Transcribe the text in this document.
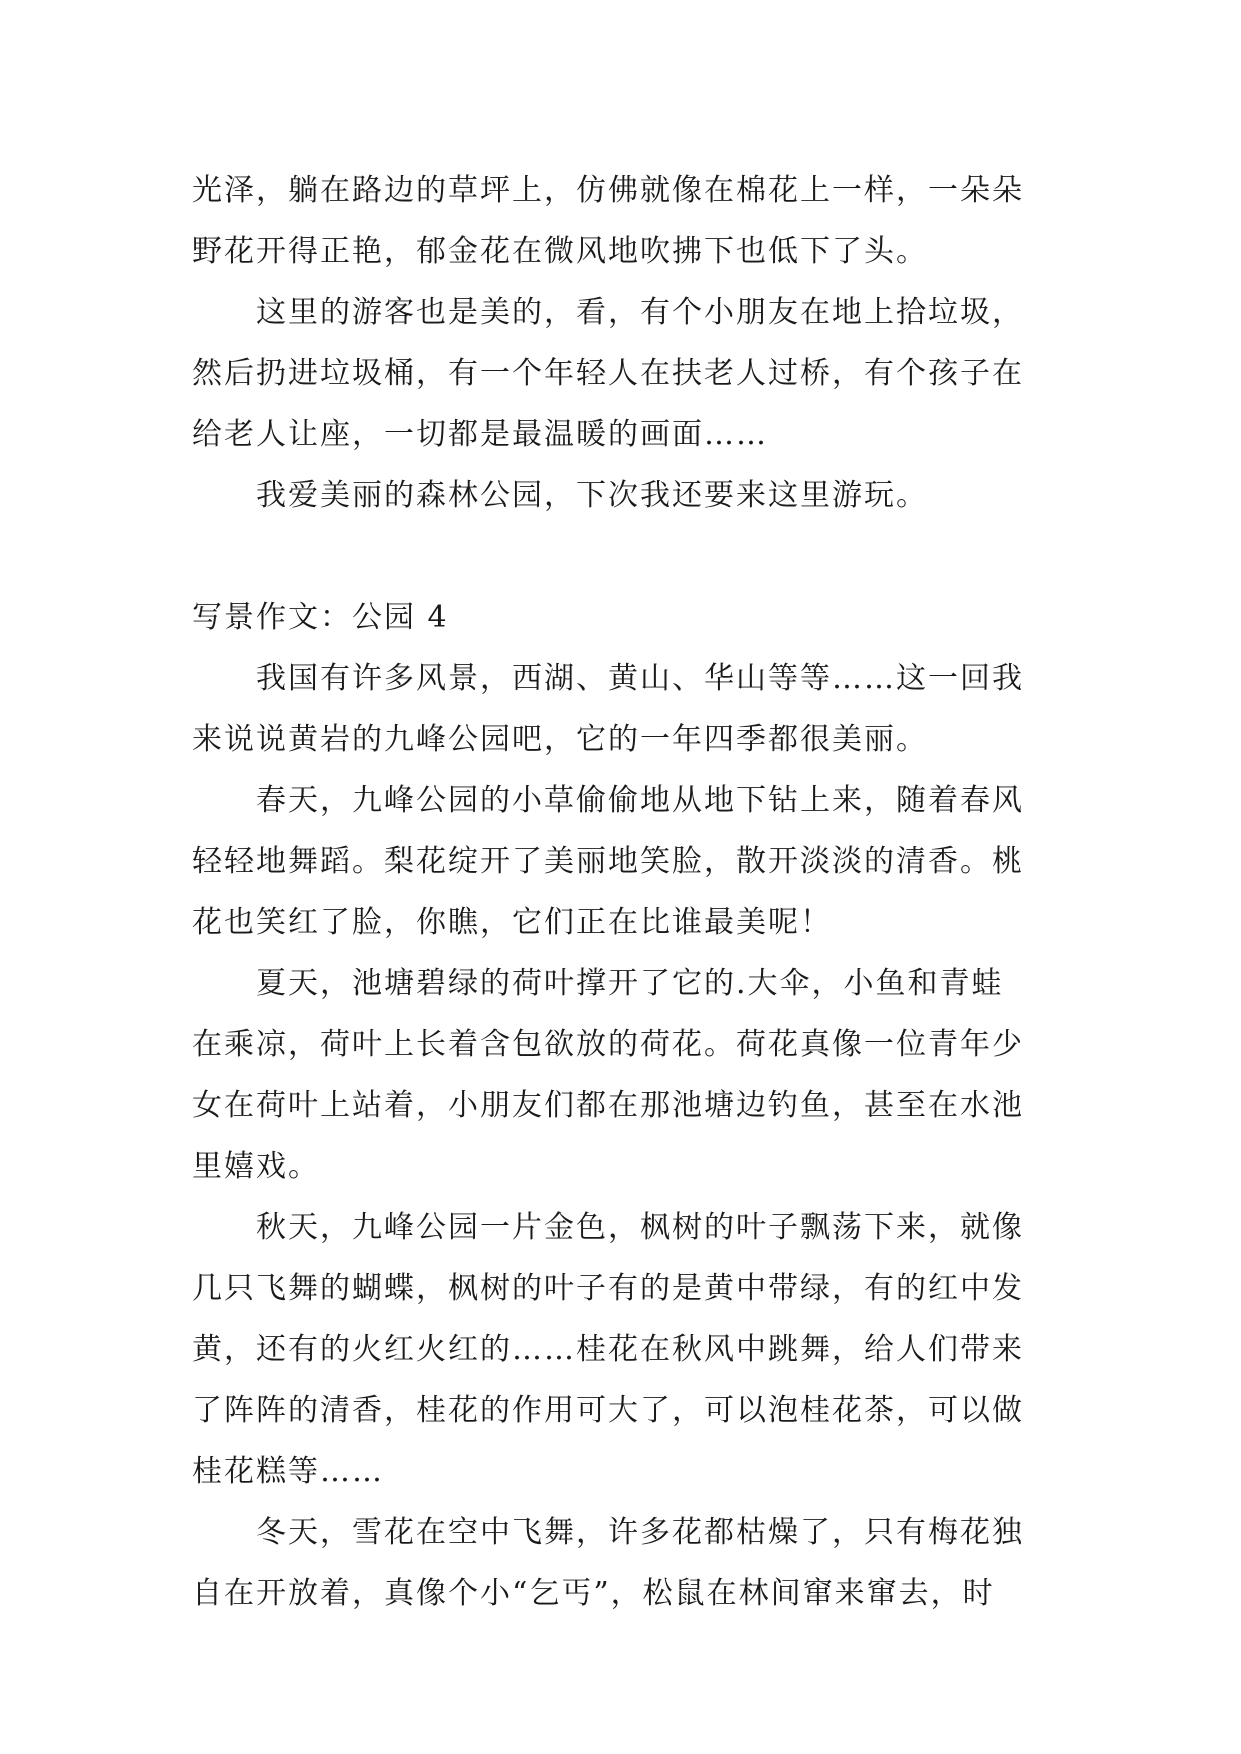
光泽，躺在路边的草坪上，仿佛就像在棉花上一样，一朵朵
野花开得正艳，郁金花在微风地吹拂下也低下了头。
这里的游客也是美的，看，有个小朋友在地上拾垃圾，
然后扔进垃圾桶，有一个年轻人在扶老人过桥，有个孩子在
给老人让座，一切都是最温暖的画面……
我爱美丽的森林公园，下次我还要来这里游玩。
写景作文：公园 4
我国有许多风景，西湖、黄山、华山等等……这一回我
来说说黄岩的九峰公园吧，它的一年四季都很美丽。
春天，九峰公园的小草偷偷地从地下钻上来，随着春风
轻轻地舞蹈。梨花绽开了美丽地笑脸，散开淡淡的清香。桃
花也笑红了脸，你瞧，它们正在比谁最美呢！
夏天，池塘碧绿的荷叶撑开了它的.大伞，小鱼和青蛙
在乘凉，荷叶上长着含包欲放的荷花。荷花真像一位青年少
女在荷叶上站着，小朋友们都在那池塘边钓鱼，甚至在水池
里嬉戏。
秋天，九峰公园一片金色，枫树的叶子飘荡下来，就像
几只飞舞的蝴蝶，枫树的叶子有的是黄中带绿，有的红中发
黄，还有的火红火红的……桂花在秋风中跳舞，给人们带来
了阵阵的清香，桂花的作用可大了，可以泡桂花茶，可以做
桂花糕等……
冬天，雪花在空中飞舞，许多花都枯燥了，只有梅花独
自在开放着，真像个小“乞丐”，松鼠在林间窜来窜去，时
